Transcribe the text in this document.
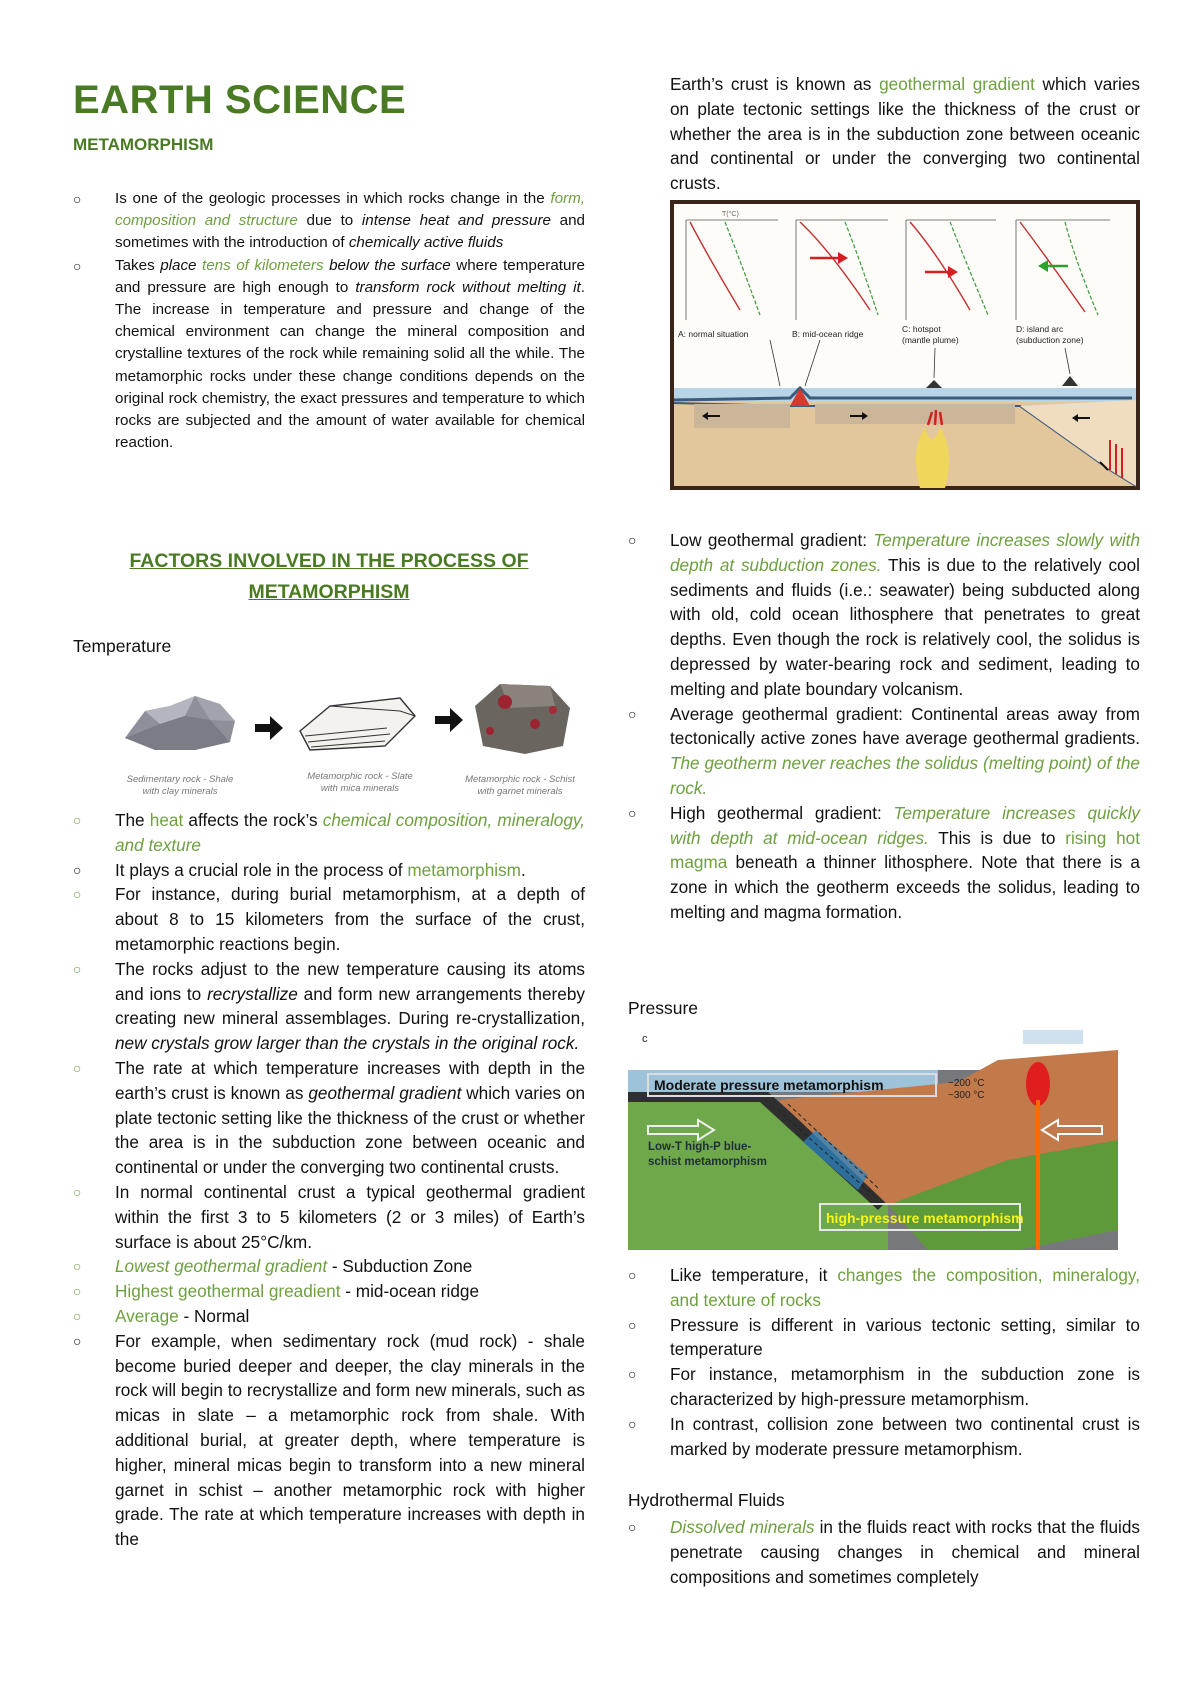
EARTH SCIENCE
METAMORPHISM
○ Is one of the geologic processes in which rocks change in the form, composition and structure due to intense heat and pressure and sometimes with the introduction of chemically active fluids
○ Takes place tens of kilometers below the surface where temperature and pressure are high enough to transform rock without melting it. The increase in temperature and pressure and change of the chemical environment can change the mineral composition and crystalline textures of the rock while remaining solid all the while. The metamorphic rocks under these change conditions depends on the original rock chemistry, the exact pressures and temperature to which rocks are subjected and the amount of water available for chemical reaction.
FACTORS INVOLVED IN THE PROCESS OF
METAMORPHISM
Temperature
Sedimentary rock - Shale
with clay minerals
Metamorphic rock - Slate
with mica minerals
Metamorphic rock - Schist
with garnet minerals
○ The heat affects the rock’s chemical composition, mineralogy, and texture
○ It plays a crucial role in the process of metamorphism.
○ For instance, during burial metamorphism, at a depth of about 8 to 15 kilometers from the surface of the crust, metamorphic reactions begin.
○ The rocks adjust to the new temperature causing its atoms and ions to recrystallize and form new arrangements thereby creating new mineral assemblages. During re-crystallization, new crystals grow larger than the crystals in the original rock.
○ The rate at which temperature increases with depth in the earth’s crust is known as geothermal gradient which varies on plate tectonic setting like the thickness of the crust or whether the area is in the subduction zone between oceanic and continental or under the converging two continental crusts.
○ In normal continental crust a typical geothermal gradient within the first 3 to 5 kilometers (2 or 3 miles) of Earth’s surface is about 25°C/km.
○ Lowest geothermal gradient - Subduction Zone
○ Highest geothermal greadient - mid-ocean ridge
○ Average - Normal
○ For example, when sedimentary rock (mud rock) - shale become buried deeper and deeper, the clay minerals in the rock will begin to recrystallize and form new minerals, such as micas in slate – a metamorphic rock from shale. With additional burial, at greater depth, where temperature is higher, mineral micas begin to transform into a new mineral garnet in schist – another metamorphic rock with higher grade. The rate at which temperature increases with depth in the

Earth’s crust is known as geothermal gradient which varies on plate tectonic settings like the thickness of the crust or whether the area is in the subduction zone between oceanic and continental or under the converging two continental crusts.

T(°C)
A: normal situation	B: mid-ocean ridge	C: hotspot
(mantle plume)
D: island arc
(subduction zone)
○ Low geothermal gradient: Temperature increases slowly with depth at subduction zones. This is due to the relatively cool sediments and fluids (i.e.: seawater) being subducted along with old, cold ocean lithosphere that penetrates to great depths. Even though the rock is relatively cool, the solidus is depressed by water-bearing rock and sediment, leading to melting and plate boundary volcanism.
○ Average geothermal gradient: Continental areas away from tectonically active zones have average geothermal gradients. The geotherm never reaches the solidus (melting point) of the rock.
○ High geothermal gradient: Temperature increases quickly with depth at mid-ocean ridges. This is due to rising hot magma beneath a thinner lithosphere. Note that there is a zone in which the geotherm exceeds the solidus, leading to melting and magma formation.
Pressure
c
Moderate pressure metamorphism	~200 °C
~300 °C
Low-T high-P blue-
schist metamorphism
high-pressure metamorphism
○ Like temperature, it changes the composition, mineralogy, and texture of rocks
○ Pressure is different in various tectonic setting, similar to temperature
○ For instance, metamorphism in the subduction zone is characterized by high-pressure metamorphism.
○ In contrast, collision zone between two continental crust is marked by moderate pressure metamorphism.
Hydrothermal Fluids
○ Dissolved minerals in the fluids react with rocks that the fluids penetrate causing changes in chemical and mineral compositions and sometimes completely
